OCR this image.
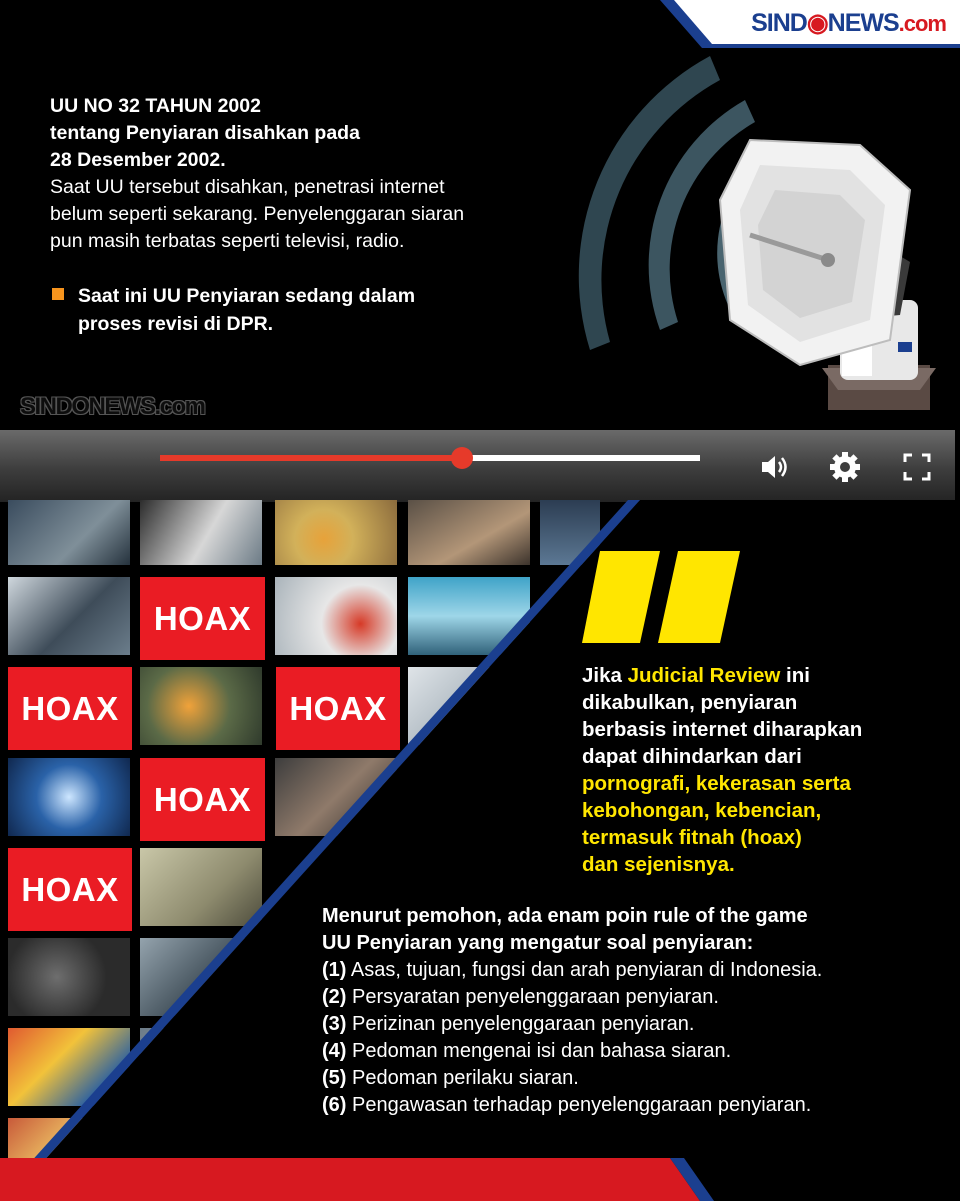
SIND◉NEWS.com
UU NO 32 TAHUN 2002
tentang Penyiaran disahkan pada
28 Desember 2002.
Saat UU tersebut disahkan, penetrasi internet
belum seperti sekarang. Penyelenggaran siaran
pun masih terbatas seperti televisi, radio.
Saat ini UU Penyiaran sedang dalam
proses revisi di DPR.
SINDONEWS.com
HOAX
HOAX	HOAX
HOAX
HOAX
Jika Judicial Review ini
dikabulkan, penyiaran
berbasis internet diharapkan
dapat dihindarkan dari
pornografi, kekerasan serta
kebohongan, kebencian,
termasuk fitnah (hoax)
dan sejenisnya.
Menurut pemohon, ada enam poin rule of the game
UU Penyiaran yang mengatur soal penyiaran:
(1) Asas, tujuan, fungsi dan arah penyiaran di Indonesia.
(2) Persyaratan penyelenggaraan penyiaran.
(3) Perizinan penyelenggaraan penyiaran.
(4) Pedoman mengenai isi dan bahasa siaran.
(5) Pedoman perilaku siaran.
(6) Pengawasan terhadap penyelenggaraan penyiaran.
